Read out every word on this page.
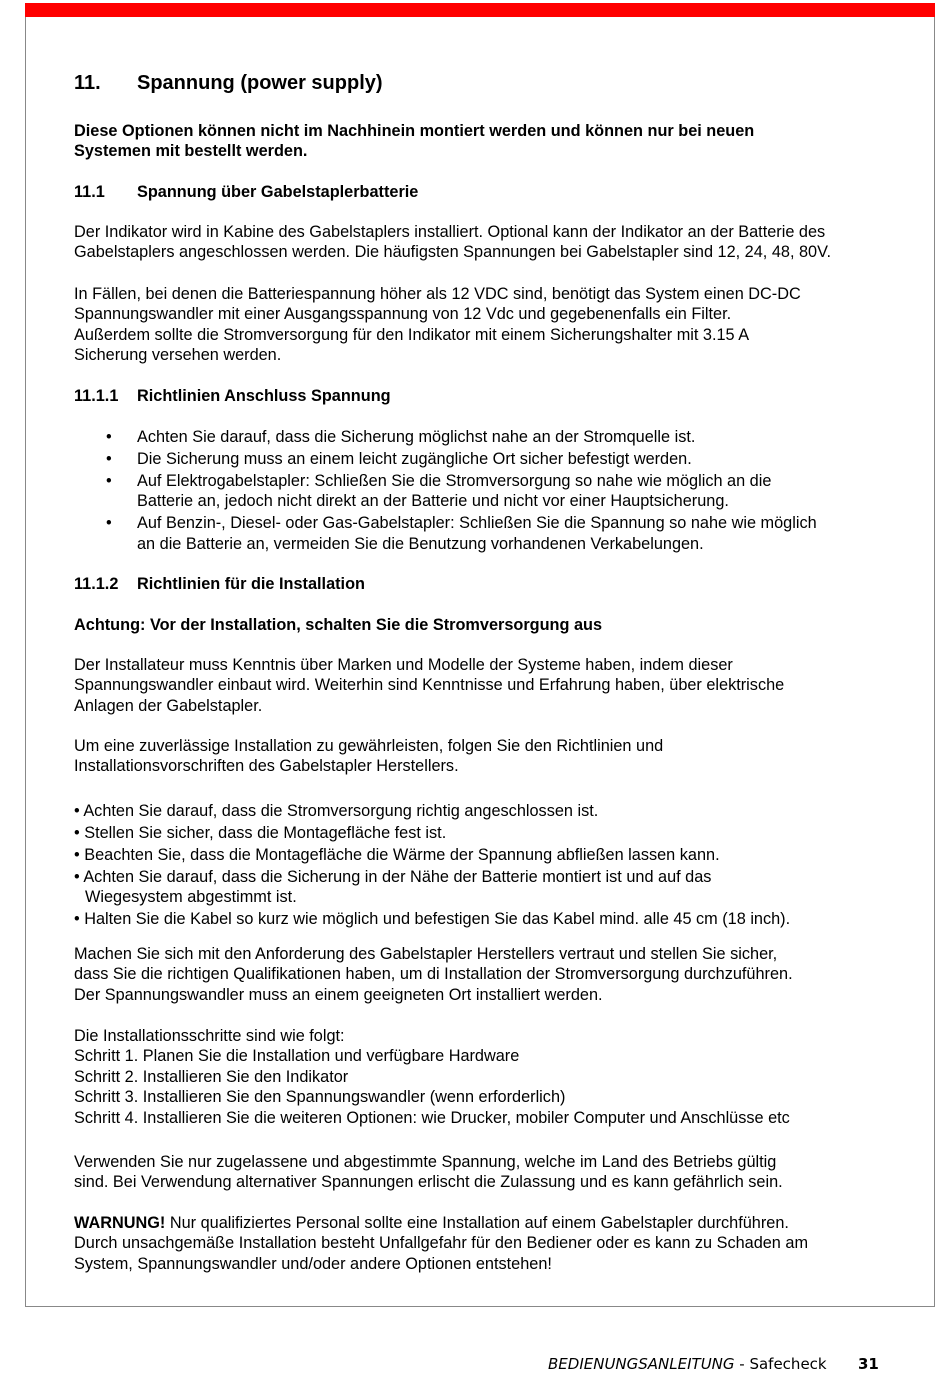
11. Spannung (power supply)
Diese Optionen können nicht im Nachhinein montiert werden und können nur bei neuen
Systemen mit bestellt werden.
11.1 Spannung über Gabelstaplerbatterie
Der Indikator wird in Kabine des Gabelstaplers installiert. Optional kann der Indikator an der Batterie des
Gabelstaplers angeschlossen werden. Die häufigsten Spannungen bei Gabelstapler sind 12, 24, 48, 80V.
In Fällen, bei denen die Batteriespannung höher als 12 VDC sind, benötigt das System einen DC-DC
Spannungswandler mit einer Ausgangsspannung von 12 Vdc und gegebenenfalls ein Filter.
Außerdem sollte die Stromversorgung für den Indikator mit einem Sicherungshalter mit 3.15 A
Sicherung versehen werden.
11.1.1 Richtlinien Anschluss Spannung
• Achten Sie darauf, dass die Sicherung möglichst nahe an der Stromquelle ist.
• Die Sicherung muss an einem leicht zugängliche Ort sicher befestigt werden.
• Auf Elektrogabelstapler: Schließen Sie die Stromversorgung so nahe wie möglich an die
Batterie an, jedoch nicht direkt an der Batterie und nicht vor einer Hauptsicherung.
• Auf Benzin-, Diesel- oder Gas-Gabelstapler: Schließen Sie die Spannung so nahe wie möglich
an die Batterie an, vermeiden Sie die Benutzung vorhandenen Verkabelungen.
11.1.2 Richtlinien für die Installation
Achtung: Vor der Installation, schalten Sie die Stromversorgung aus
Der Installateur muss Kenntnis über Marken und Modelle der Systeme haben, indem dieser
Spannungswandler einbaut wird. Weiterhin sind Kenntnisse und Erfahrung haben, über elektrische
Anlagen der Gabelstapler.
Um eine zuverlässige Installation zu gewährleisten, folgen Sie den Richtlinien und
Installationsvorschriften des Gabelstapler Herstellers.
• Achten Sie darauf, dass die Stromversorgung richtig angeschlossen ist.
• Stellen Sie sicher, dass die Montagefläche fest ist.
• Beachten Sie, dass die Montagefläche die Wärme der Spannung abfließen lassen kann.
• Achten Sie darauf, dass die Sicherung in der Nähe der Batterie montiert ist und auf das
Wiegesystem abgestimmt ist.
• Halten Sie die Kabel so kurz wie möglich und befestigen Sie das Kabel mind. alle 45 cm (18 inch).
Machen Sie sich mit den Anforderung des Gabelstapler Herstellers vertraut und stellen Sie sicher,
dass Sie die richtigen Qualifikationen haben, um di Installation der Stromversorgung durchzuführen.
Der Spannungswandler muss an einem geeigneten Ort installiert werden.
Die Installationsschritte sind wie folgt:
Schritt 1. Planen Sie die Installation und verfügbare Hardware
Schritt 2. Installieren Sie den Indikator
Schritt 3. Installieren Sie den Spannungswandler (wenn erforderlich)
Schritt 4. Installieren Sie die weiteren Optionen: wie Drucker, mobiler Computer und Anschlüsse etc
Verwenden Sie nur zugelassene und abgestimmte Spannung, welche im Land des Betriebs gültig
sind. Bei Verwendung alternativer Spannungen erlischt die Zulassung und es kann gefährlich sein.
WARNUNG! Nur qualifiziertes Personal sollte eine Installation auf einem Gabelstapler durchführen.
Durch unsachgemäße Installation besteht Unfallgefahr für den Bediener oder es kann zu Schaden am
System, Spannungswandler und/oder andere Optionen entstehen!
BEDIENUNGSANLEITUNG - Safecheck 31
